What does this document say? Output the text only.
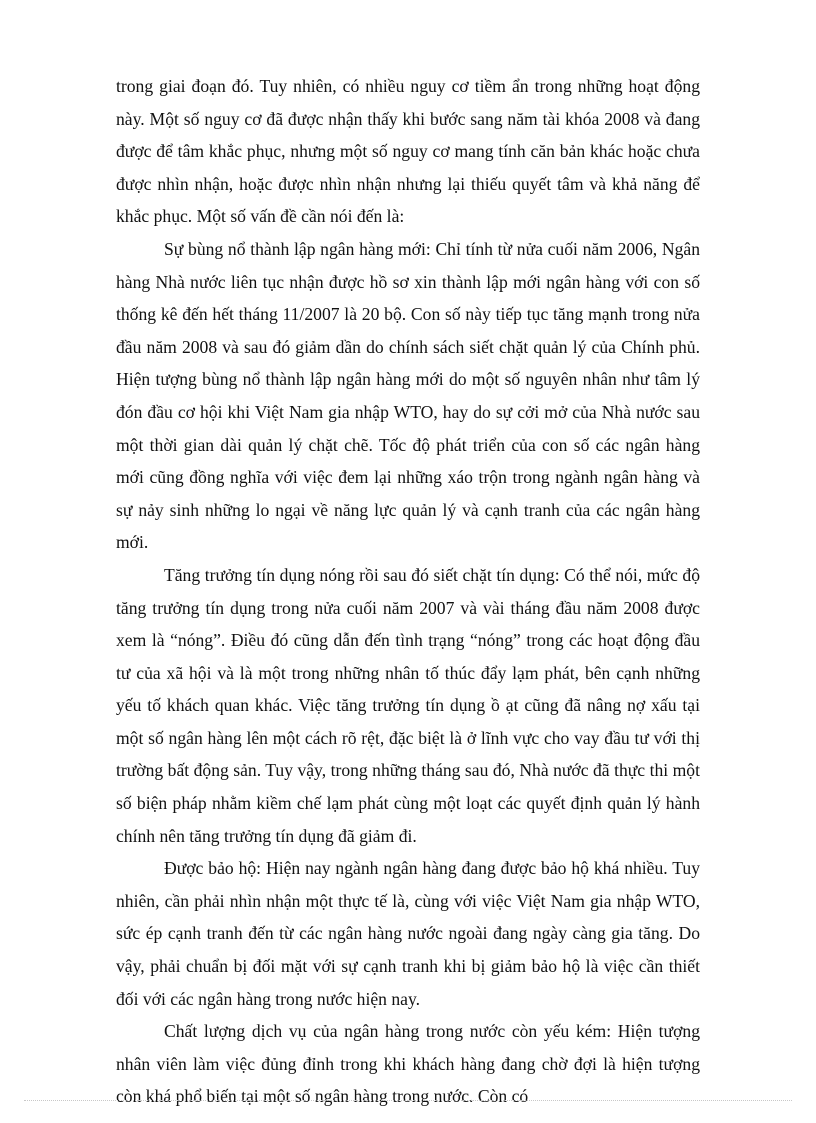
trong giai đoạn đó. Tuy nhiên, có nhiều nguy cơ tiềm ẩn trong những hoạt động này. Một số nguy cơ đã được nhận thấy khi bước sang năm tài khóa 2008 và đang được để tâm khắc phục, nhưng một số nguy cơ mang tính căn bản khác hoặc chưa được nhìn nhận, hoặc được nhìn nhận nhưng lại thiếu quyết tâm và khả năng để khắc phục. Một số vấn đề cần nói đến là:

Sự bùng nổ thành lập ngân hàng mới: Chỉ tính từ nửa cuối năm 2006, Ngân hàng Nhà nước liên tục nhận được hồ sơ xin thành lập mới ngân hàng với con số thống kê đến hết tháng 11/2007 là 20 bộ. Con số này tiếp tục tăng mạnh trong nửa đầu năm 2008 và sau đó giảm dần do chính sách siết chặt quản lý của Chính phủ. Hiện tượng bùng nổ thành lập ngân hàng mới do một số nguyên nhân như tâm lý đón đầu cơ hội khi Việt Nam gia nhập WTO, hay do sự cởi mở của Nhà nước sau một thời gian dài quản lý chặt chẽ. Tốc độ phát triển của con số các ngân hàng mới cũng đồng nghĩa với việc đem lại những xáo trộn trong ngành ngân hàng và sự nảy sinh những lo ngại về năng lực quản lý và cạnh tranh của các ngân hàng mới.

Tăng trưởng tín dụng nóng rồi sau đó siết chặt tín dụng: Có thể nói, mức độ tăng trưởng tín dụng trong nửa cuối năm 2007 và vài tháng đầu năm 2008 được xem là “nóng”. Điều đó cũng dẫn đến tình trạng “nóng” trong các hoạt động đầu tư của xã hội và là một trong những nhân tố thúc đẩy lạm phát, bên cạnh những yếu tố khách quan khác. Việc tăng trưởng tín dụng ồ ạt cũng đã nâng nợ xấu tại một số ngân hàng lên một cách rõ rệt, đặc biệt là ở lĩnh vực cho vay đầu tư với thị trường bất động sản. Tuy vậy, trong những tháng sau đó, Nhà nước đã thực thi một số biện pháp nhằm kiềm chế lạm phát cùng một loạt các quyết định quản lý hành chính nên tăng trưởng tín dụng đã giảm đi.

Được bảo hộ: Hiện nay ngành ngân hàng đang được bảo hộ khá nhiều. Tuy nhiên, cần phải nhìn nhận một thực tế là, cùng với việc Việt Nam gia nhập WTO, sức ép cạnh tranh đến từ các ngân hàng nước ngoài đang ngày càng gia tăng. Do vậy, phải chuẩn bị đối mặt với sự cạnh tranh khi bị giảm bảo hộ là việc cần thiết đối với các ngân hàng trong nước hiện nay.

Chất lượng dịch vụ của ngân hàng trong nước còn yếu kém: Hiện tượng nhân viên làm việc đủng đỉnh trong khi khách hàng đang chờ đợi là hiện tượng còn khá phổ biến tại một số ngân hàng trong nước. Còn có
